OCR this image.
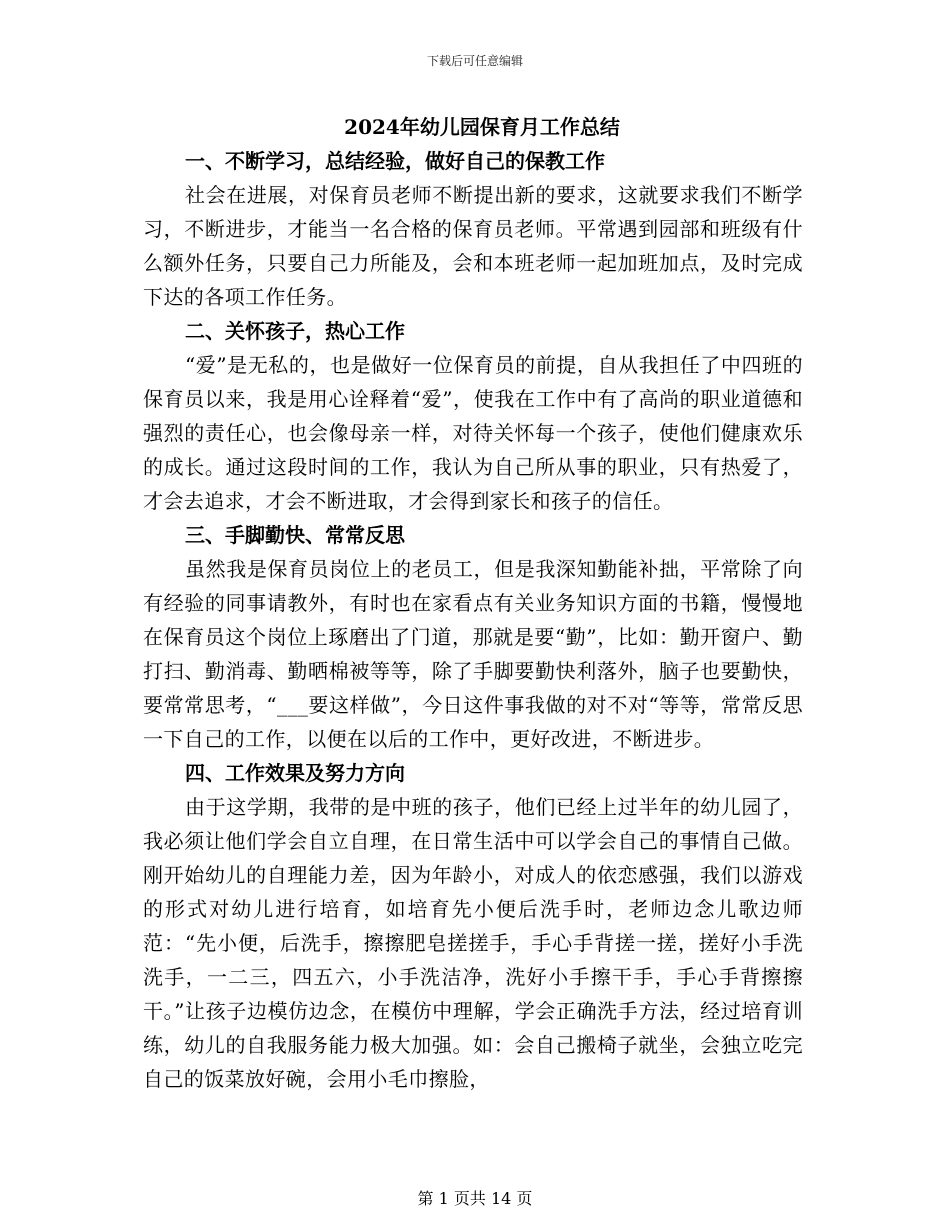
下载后可任意编辑
2024年幼儿园保育月工作总结
一、不断学习，总结经验，做好自己的保教工作

社会在进展，对保育员老师不断提出新的要求，这就要求我们不断学习，不断进步，才能当一名合格的保育员老师。平常遇到园部和班级有什么额外任务，只要自己力所能及，会和本班老师一起加班加点，及时完成下达的各项工作任务。

二、关怀孩子，热心工作

“爱”是无私的，也是做好一位保育员的前提，自从我担任了中四班的保育员以来，我是用心诠释着“爱”，使我在工作中有了高尚的职业道德和强烈的责任心，也会像母亲一样，对待关怀每一个孩子，使他们健康欢乐的成长。通过这段时间的工作，我认为自己所从事的职业，只有热爱了，才会去追求，才会不断进取，才会得到家长和孩子的信任。

三、手脚勤快、常常反思

虽然我是保育员岗位上的老员工，但是我深知勤能补拙，平常除了向有经验的同事请教外，有时也在家看点有关业务知识方面的书籍，慢慢地在保育员这个岗位上琢磨出了门道，那就是要“勤”，比如：勤开窗户、勤打扫、勤消毒、勤晒棉被等等，除了手脚要勤快利落外，脑子也要勤快，要常常思考，“___要这样做”，今日这件事我做的对不对“等等，常常反思一下自己的工作，以便在以后的工作中，更好改进，不断进步。

四、工作效果及努力方向

由于这学期，我带的是中班的孩子，他们已经上过半年的幼儿园了，我必须让他们学会自立自理，在日常生活中可以学会自己的事情自己做。刚开始幼儿的自理能力差，因为年龄小，对成人的依恋感强，我们以游戏的形式对幼儿进行培育，如培育先小便后洗手时，老师边念儿歌边师范：“先小便，后洗手，擦擦肥皂搓搓手，手心手背搓一搓，搓好小手洗洗手，一二三，四五六，小手洗洁净，洗好小手擦干手，手心手背擦擦干。”让孩子边模仿边念，在模仿中理解，学会正确洗手方法，经过培育训练，幼儿的自我服务能力极大加强。如：会自己搬椅子就坐，会独立吃完自己的饭菜放好碗，会用小毛巾擦脸，

第 1 页共 14 页
